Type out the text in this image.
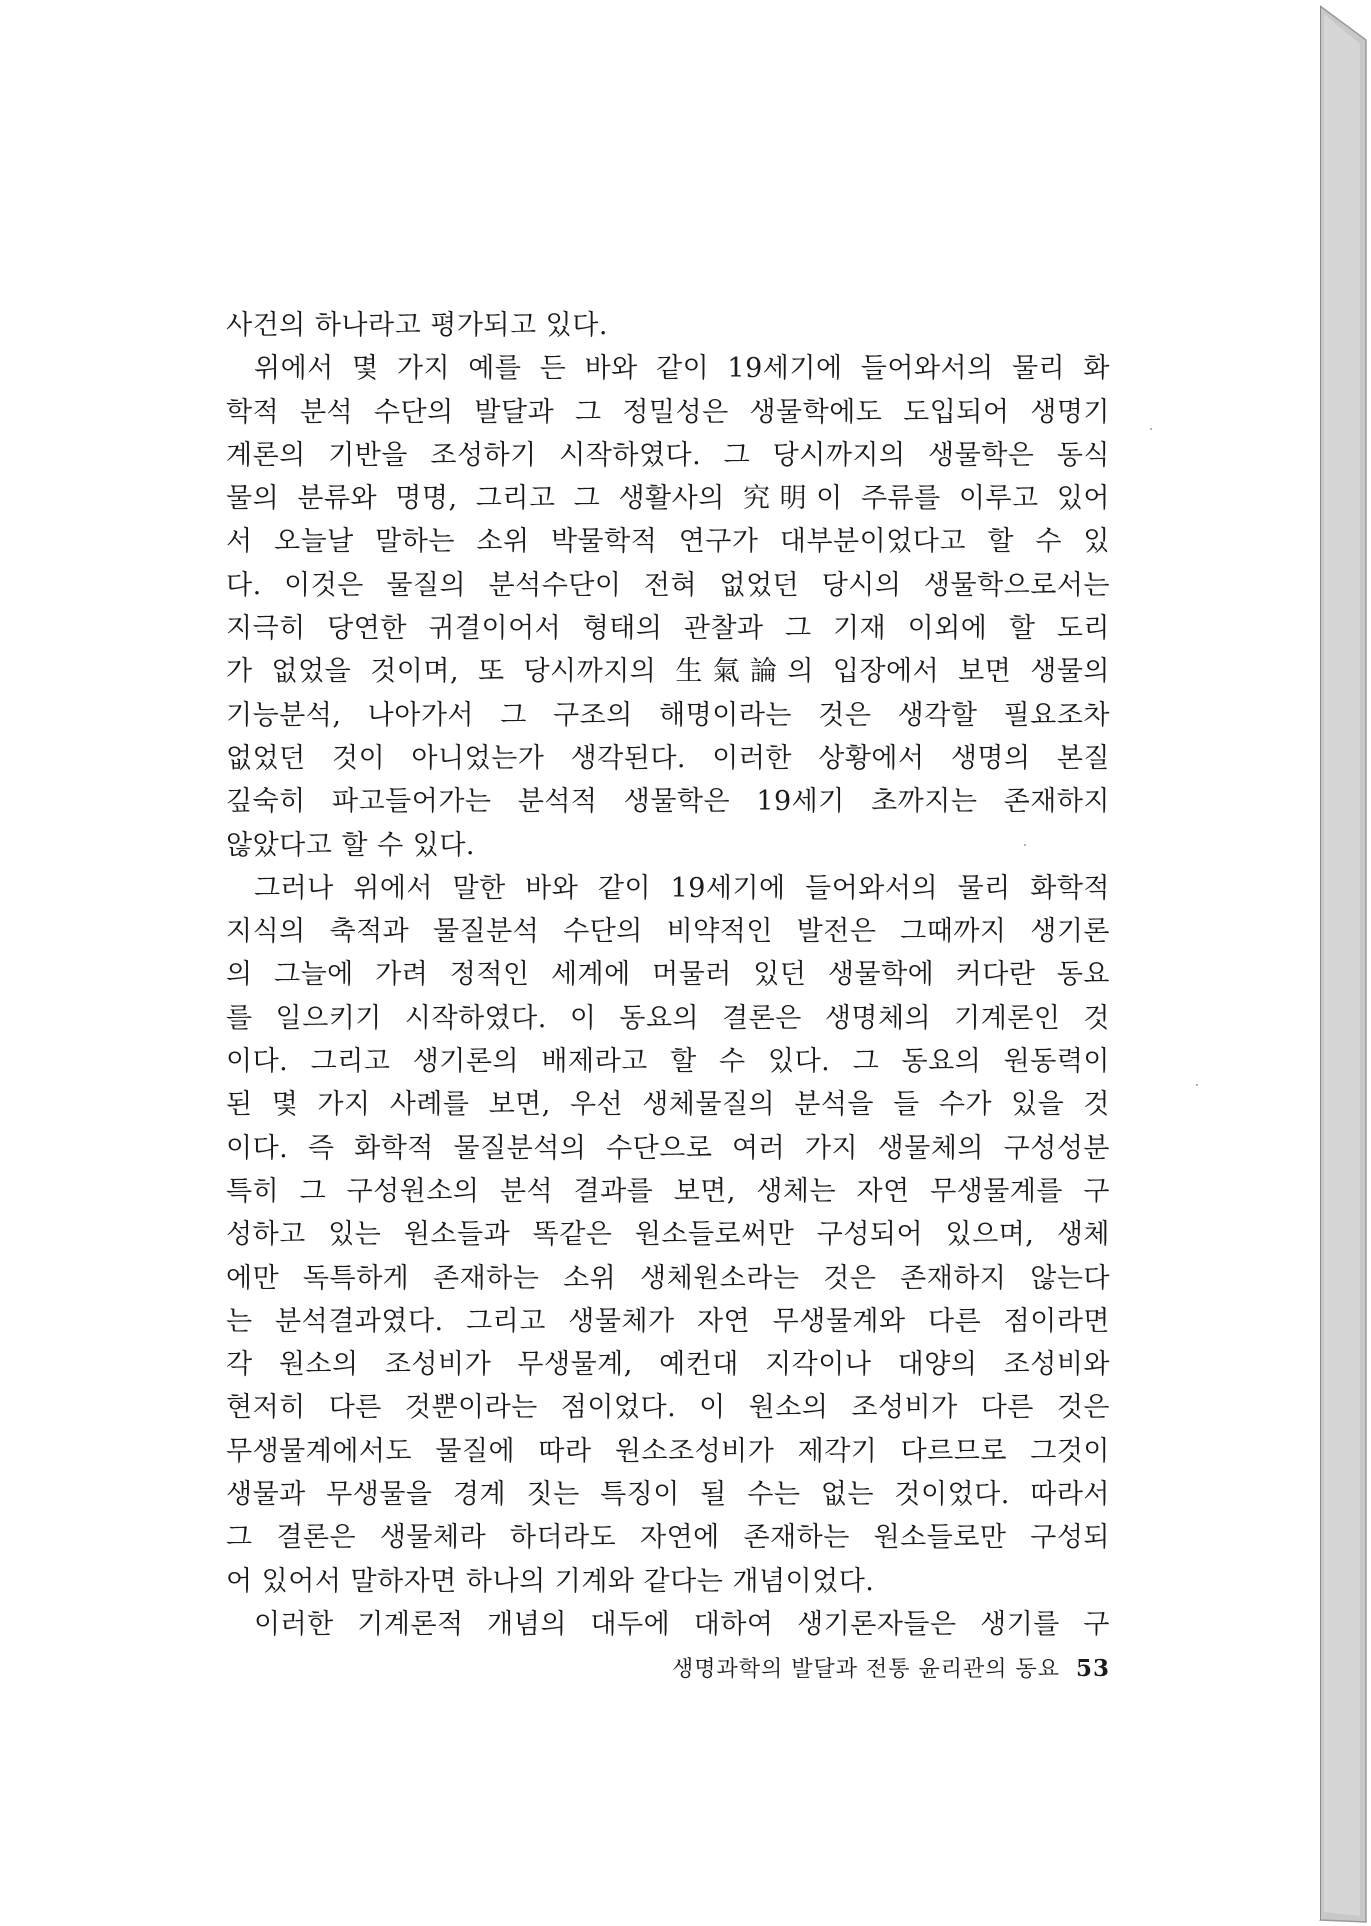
사건의 하나라고 평가되고 있다.
위에서 몇 가지 예를 든 바와 같이 19세기에 들어와서의 물리 화
학적 분석 수단의 발달과 그 정밀성은 생물학에도 도입되어 생명기
계론의 기반을 조성하기 시작하였다. 그 당시까지의 생물학은 동식
물의 분류와 명명, 그리고 그 생활사의 究明이 주류를 이루고 있어
서 오늘날 말하는 소위 박물학적 연구가 대부분이었다고 할 수 있
다. 이것은 물질의 분석수단이 전혀 없었던 당시의 생물학으로서는
지극히 당연한 귀결이어서 형태의 관찰과 그 기재 이외에 할 도리
가 없었을 것이며, 또 당시까지의 生氣論의 입장에서 보면 생물의
기능분석, 나아가서 그 구조의 해명이라는 것은 생각할 필요조차
없었던 것이 아니었는가 생각된다. 이러한 상황에서 생명의 본질
깊숙히 파고들어가는 분석적 생물학은 19세기 초까지는 존재하지
않았다고 할 수 있다.
그러나 위에서 말한 바와 같이 19세기에 들어와서의 물리 화학적
지식의 축적과 물질분석 수단의 비약적인 발전은 그때까지 생기론
의 그늘에 가려 정적인 세계에 머물러 있던 생물학에 커다란 동요
를 일으키기 시작하였다. 이 동요의 결론은 생명체의 기계론인 것
이다. 그리고 생기론의 배제라고 할 수 있다. 그 동요의 원동력이
된 몇 가지 사례를 보면, 우선 생체물질의 분석을 들 수가 있을 것
이다. 즉 화학적 물질분석의 수단으로 여러 가지 생물체의 구성성분
특히 그 구성원소의 분석 결과를 보면, 생체는 자연 무생물계를 구
성하고 있는 원소들과 똑같은 원소들로써만 구성되어 있으며, 생체
에만 독특하게 존재하는 소위 생체원소라는 것은 존재하지 않는다
는 분석결과였다. 그리고 생물체가 자연 무생물계와 다른 점이라면
각 원소의 조성비가 무생물계, 예컨대 지각이나 대양의 조성비와
현저히 다른 것뿐이라는 점이었다. 이 원소의 조성비가 다른 것은
무생물계에서도 물질에 따라 원소조성비가 제각기 다르므로 그것이
생물과 무생물을 경계 짓는 특징이 될 수는 없는 것이었다. 따라서
그 결론은 생물체라 하더라도 자연에 존재하는 원소들로만 구성되
어 있어서 말하자면 하나의 기계와 같다는 개념이었다.
이러한 기계론적 개념의 대두에 대하여 생기론자들은 생기를 구
생명과학의 발달과 전통 윤리관의 동요 53
